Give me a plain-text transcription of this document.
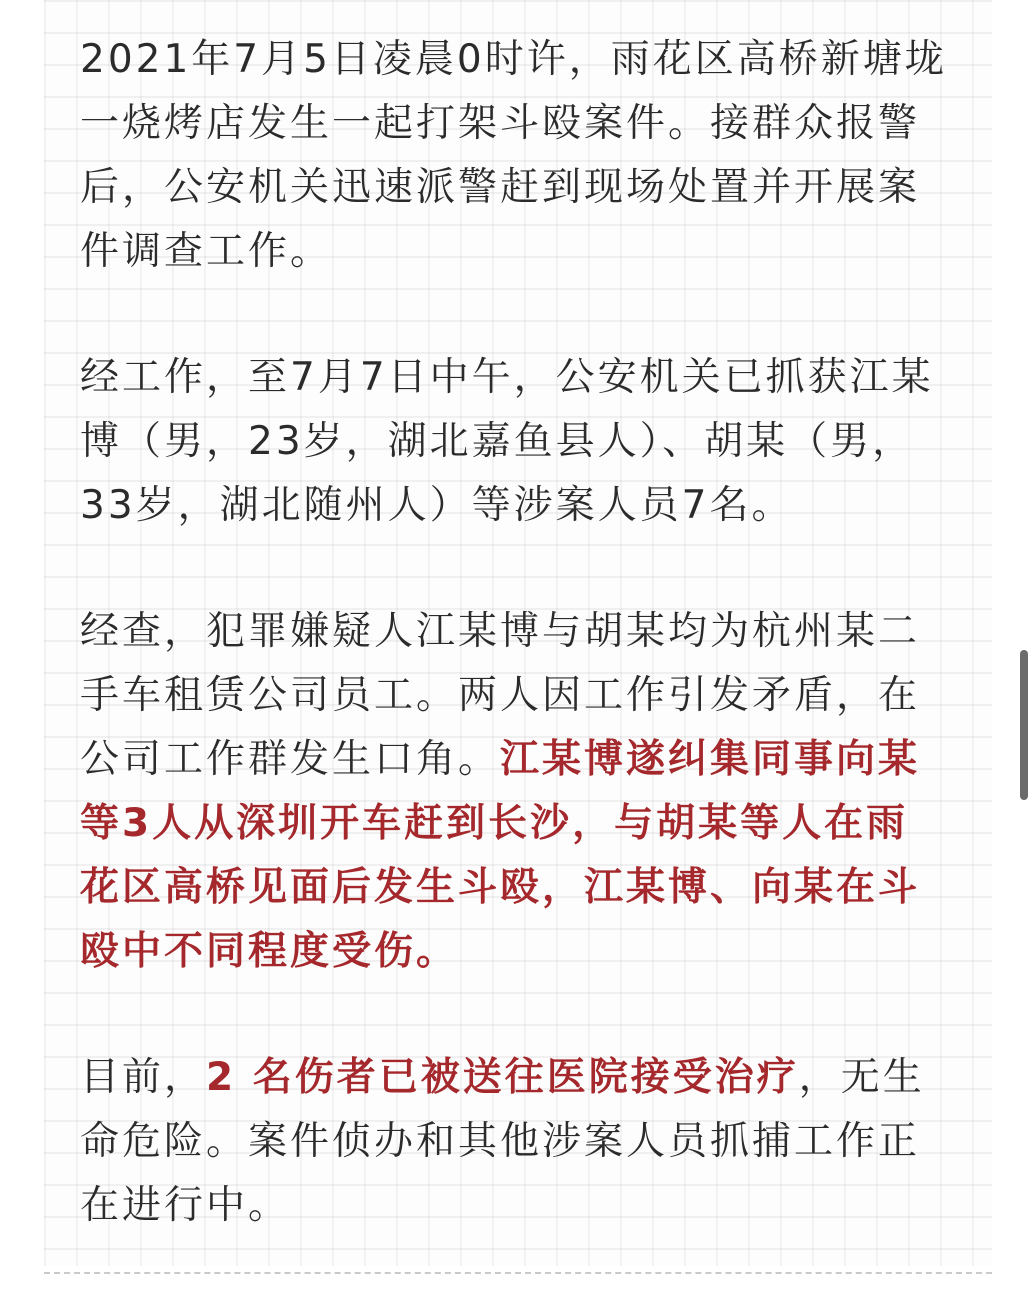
2021年7月5日凌晨0时许，雨花区高桥新塘垅
一烧烤店发生一起打架斗殴案件。接群众报警
后，公安机关迅速派警赶到现场处置并开展案
件调查工作。

经工作，至7月7日中午，公安机关已抓获江某
博（男，23岁，湖北嘉鱼县人）、胡某（男，
33岁，湖北随州人）等涉案人员7名。

经查，犯罪嫌疑人江某博与胡某均为杭州某二
手车租赁公司员工。两人因工作引发矛盾，在
公司工作群发生口角。江某博遂纠集同事向某
等3人从深圳开车赶到长沙，与胡某等人在雨
花区高桥见面后发生斗殴，江某博、向某在斗
殴中不同程度受伤。

目前，2 名伤者已被送往医院接受治疗，无生
命危险。案件侦办和其他涉案人员抓捕工作正
在进行中。
